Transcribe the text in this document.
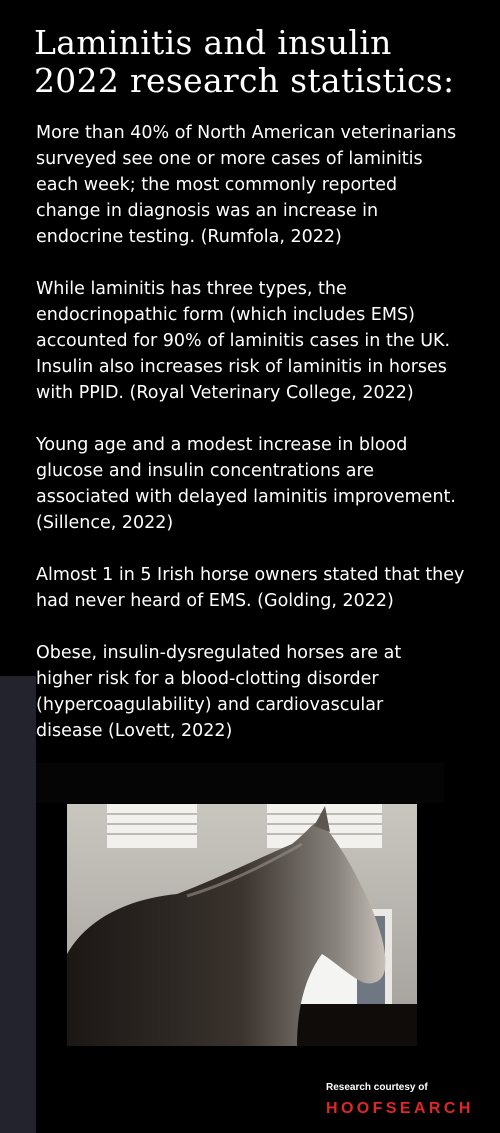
Laminitis and insulin
2022 research statistics:

More than 40% of North American veterinarians
surveyed see one or more cases of laminitis
each week; the most commonly reported
change in diagnosis was an increase in
endocrine testing. (Rumfola, 2022)

While laminitis has three types, the
endocrinopathic form (which includes EMS)
accounted for 90% of laminitis cases in the UK.
Insulin also increases risk of laminitis in horses
with PPID. (Royal Veterinary College, 2022)

Young age and a modest increase in blood
glucose and insulin concentrations are
associated with delayed laminitis improvement.
(Sillence, 2022)

Almost 1 in 5 Irish horse owners stated that they
had never heard of EMS. (Golding, 2022)

Obese, insulin-dysregulated horses are at
higher risk for a blood-clotting disorder
(hypercoagulability) and cardiovascular
disease (Lovett, 2022)

Research courtesy of

HOOFSEARCH
